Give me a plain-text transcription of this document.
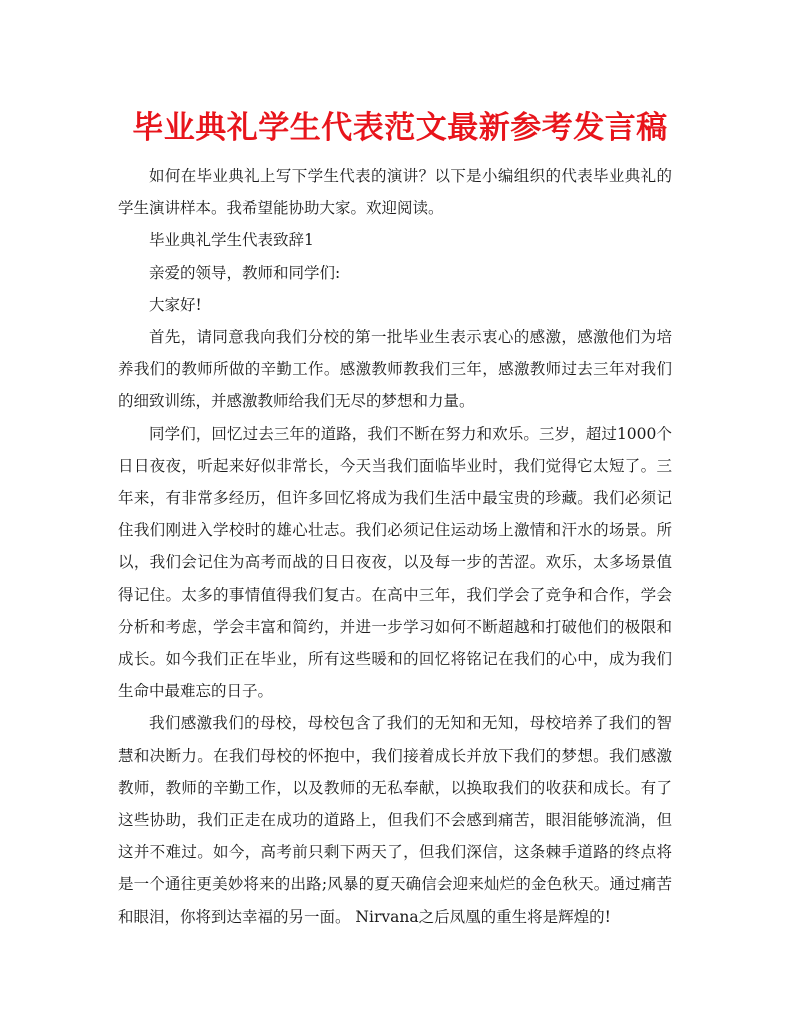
毕业典礼学生代表范文最新参考发言稿

如何在毕业典礼上写下学生代表的演讲？以下是小编组织的代表毕业典礼的学生演讲样本。我希望能协助大家。欢迎阅读。

毕业典礼学生代表致辞1

亲爱的领导，教师和同学们:

大家好!

首先，请同意我向我们分校的第一批毕业生表示衷心的感激，感激他们为培养我们的教师所做的辛勤工作。感激教师教我们三年，感激教师过去三年对我们的细致训练，并感激教师给我们无尽的梦想和力量。

同学们，回忆过去三年的道路，我们不断在努力和欢乐。三岁，超过1000个日日夜夜，听起来好似非常长，今天当我们面临毕业时，我们觉得它太短了。三年来，有非常多经历，但许多回忆将成为我们生活中最宝贵的珍藏。我们必须记住我们刚进入学校时的雄心壮志。我们必须记住运动场上激情和汗水的场景。所以，我们会记住为高考而战的日日夜夜，以及每一步的苦涩。欢乐，太多场景值得记住。太多的事情值得我们复古。在高中三年，我们学会了竞争和合作，学会分析和考虑，学会丰富和简约，并进一步学习如何不断超越和打破他们的极限和成长。如今我们正在毕业，所有这些暖和的回忆将铭记在我们的心中，成为我们生命中最难忘的日子。

我们感激我们的母校，母校包含了我们的无知和无知，母校培养了我们的智慧和决断力。在我们母校的怀抱中，我们接着成长并放下我们的梦想。我们感激教师，教师的辛勤工作，以及教师的无私奉献，以换取我们的收获和成长。有了这些协助，我们正走在成功的道路上，但我们不会感到痛苦，眼泪能够流淌，但这并不难过。如今，高考前只剩下两天了，但我们深信，这条棘手道路的终点将是一个通往更美妙将来的出路;风暴的夏天确信会迎来灿烂的金色秋天。通过痛苦和眼泪，你将到达幸福的另一面。 Nirvana之后凤凰的重生将是辉煌的!
